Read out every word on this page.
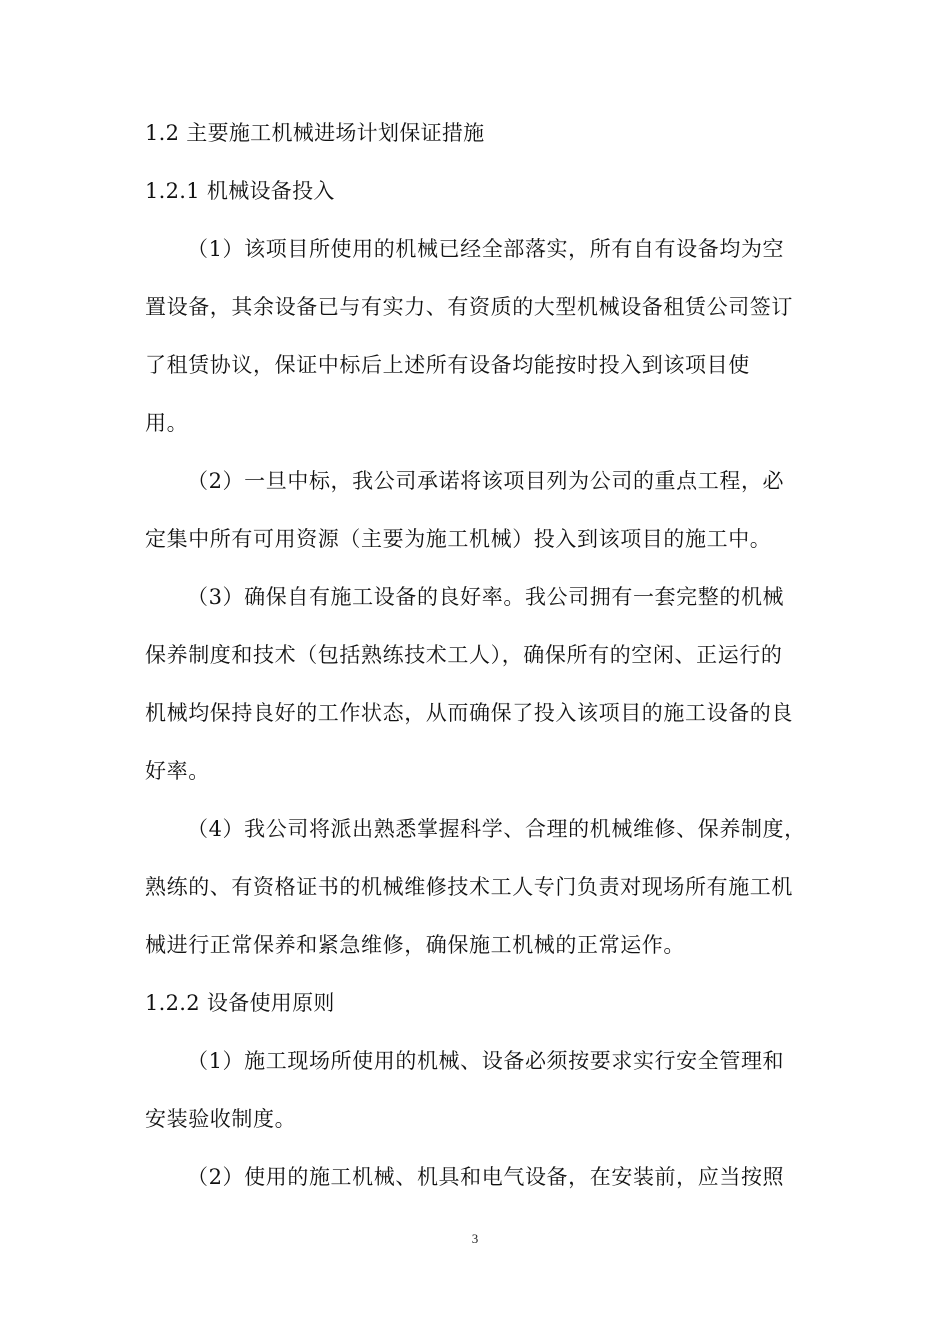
1.2 主要施工机械进场计划保证措施
1.2.1 机械设备投入
（1）该项目所使用的机械已经全部落实，所有自有设备均为空
置设备，其余设备已与有实力、有资质的大型机械设备租赁公司签订
了租赁协议，保证中标后上述所有设备均能按时投入到该项目使
用。
（2）一旦中标，我公司承诺将该项目列为公司的重点工程，必
定集中所有可用资源（主要为施工机械）投入到该项目的施工中。
（3）确保自有施工设备的良好率。我公司拥有一套完整的机械
保养制度和技术（包括熟练技术工人），确保所有的空闲、正运行的
机械均保持良好的工作状态，从而确保了投入该项目的施工设备的良
好率。
（4）我公司将派出熟悉掌握科学、合理的机械维修、保养制度，
熟练的、有资格证书的机械维修技术工人专门负责对现场所有施工机
械进行正常保养和紧急维修，确保施工机械的正常运作。
1.2.2 设备使用原则
（1）施工现场所使用的机械、设备必须按要求实行安全管理和
安装验收制度。
（2）使用的施工机械、机具和电气设备，在安装前，应当按照
3
